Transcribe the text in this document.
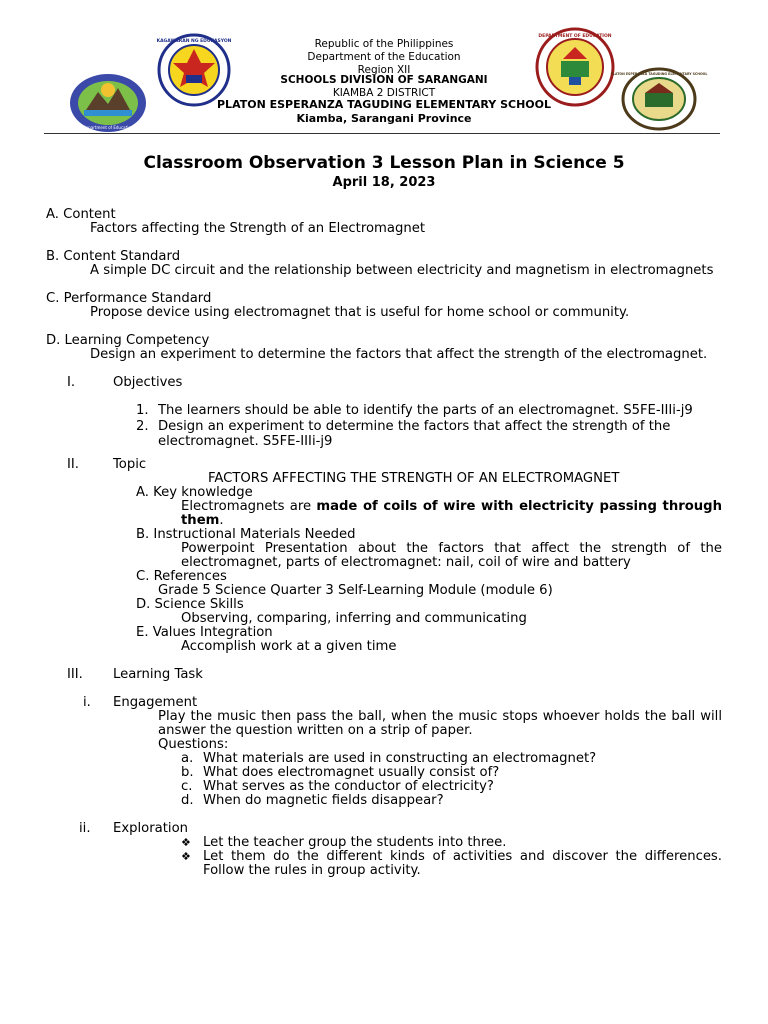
Department of Education
KAGAWARAN NG EDUKASYON
DEPARTMENT OF EDUCATION
PLATON ESPERANZA TAGUDING ELEMENTARY SCHOOL
Republic of the Philippines
Department of the Education
Region XII
SCHOOLS DIVISION OF SARANGANI
KIAMBA 2 DISTRICT
PLATON ESPERANZA TAGUDING ELEMENTARY SCHOOL
Kiamba, Sarangani Province
Classroom Observation 3 Lesson Plan in Science 5
April 18, 2023
A. Content
Factors affecting the Strength of an Electromagnet
B. Content Standard
A simple DC circuit and the relationship between electricity and magnetism in electromagnets
C. Performance Standard
Propose device using electromagnet that is useful for home school or community.
D. Learning Competency
Design an experiment to determine the factors that affect the strength of the electromagnet.
I.	Objectives
1. The learners should be able to identify the parts of an electromagnet. S5FE-IIIi-j9
2. Design an experiment to determine the factors that affect the strength of the
electromagnet. S5FE-IIIi-j9
II.	Topic
FACTORS AFFECTING THE STRENGTH OF AN ELECTROMAGNET
A. Key knowledge
Electromagnets are made of coils of wire with electricity passing through them.
B. Instructional Materials Needed
Powerpoint Presentation about the factors that affect the strength of the electromagnet, parts of electromagnet: nail, coil of wire and battery
C. References
Grade 5 Science Quarter 3 Self-Learning Module (module 6)
D. Science Skills
Observing, comparing, inferring and communicating
E. Values Integration
Accomplish work at a given time
III. Learning Task
i. Engagement
Play the music then pass the ball, when the music stops whoever holds the ball will answer the question written on a strip of paper.
Questions:
a. What materials are used in constructing an electromagnet?
b. What does electromagnet usually consist of?
c. What serves as the conductor of electricity?
d. When do magnetic fields disappear?
ii. Exploration
❖ Let the teacher group the students into three.
❖ Let them do the different kinds of activities and discover the differences. Follow the rules in group activity.
